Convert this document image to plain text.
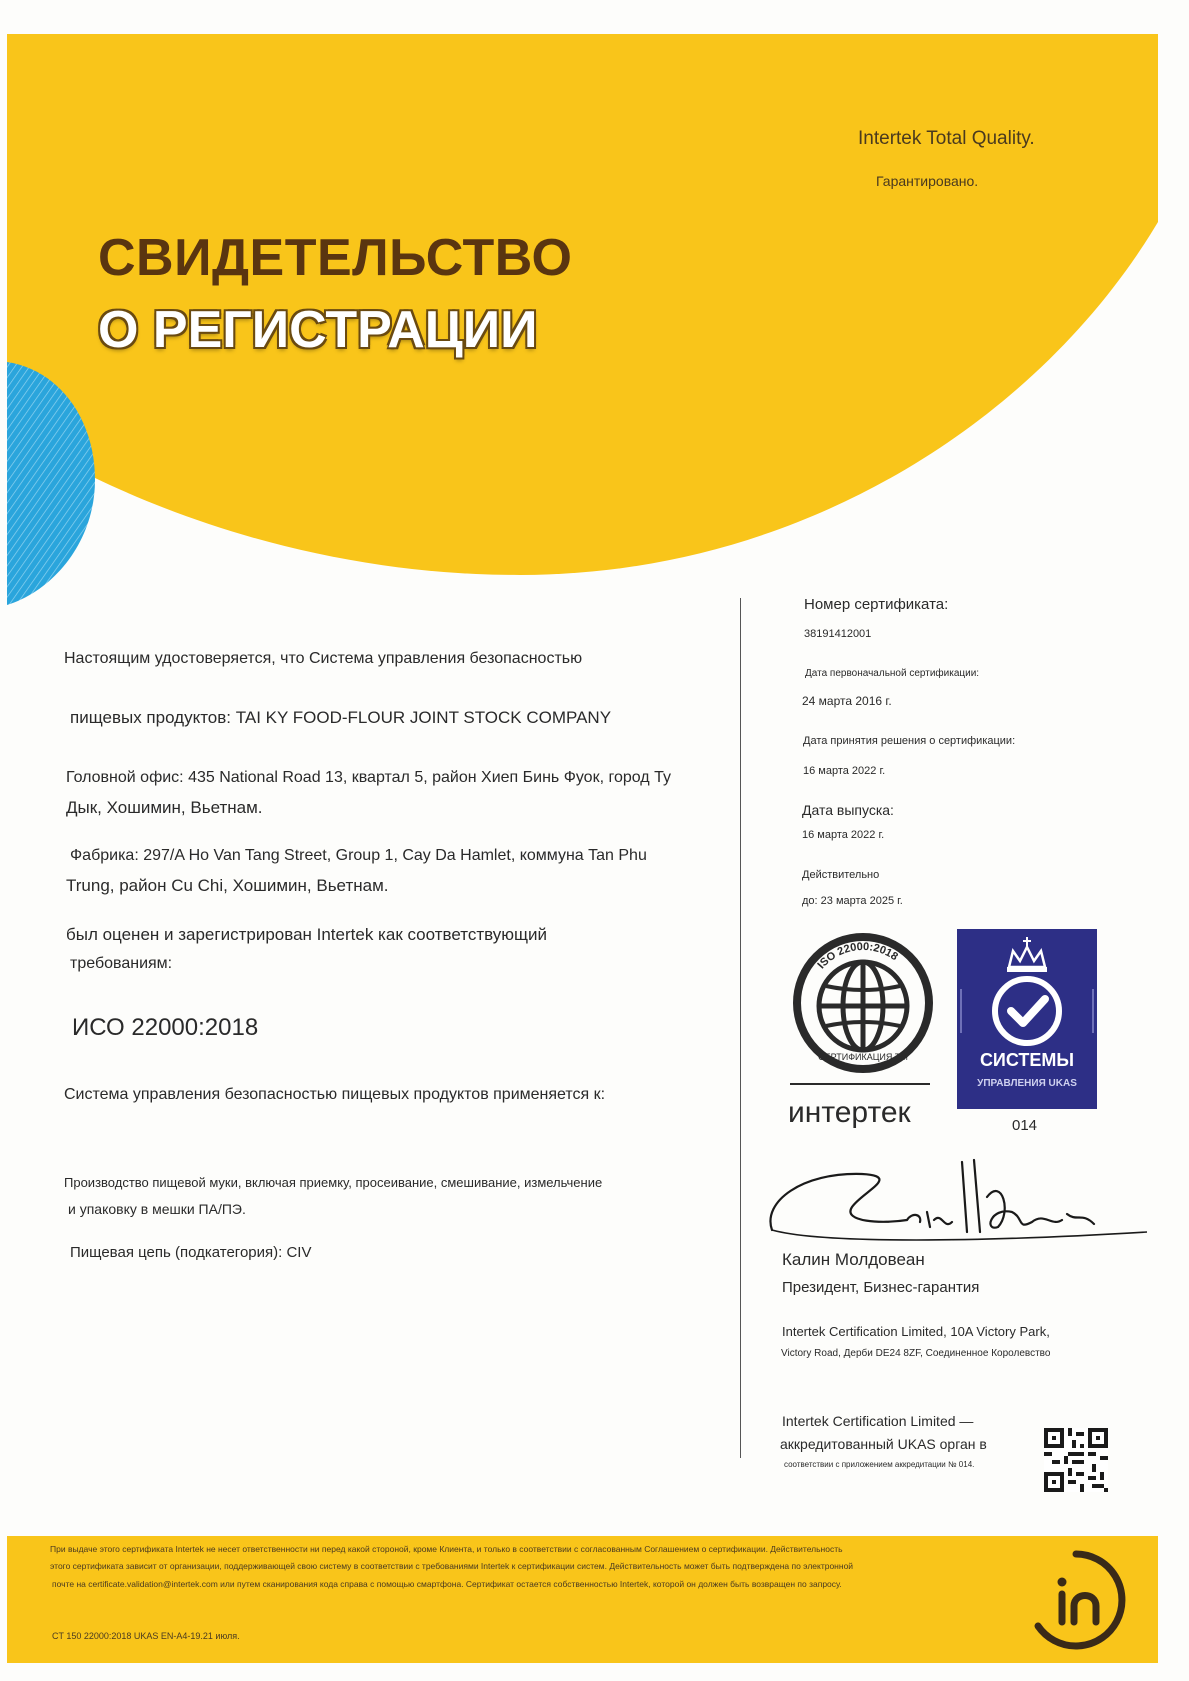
Intertek Total Quality.
Гарантировано.
СВИДЕТЕЛЬСТВО
О РЕГИСТРАЦИИ
Настоящим удостоверяется, что Система управления безопасностью
пищевых продуктов: TAI KY FOOD-FLOUR JOINT STOCK COMPANY
Головной офис: 435 National Road 13, квартал 5, район Хиеп Бинь Фуок, город Ту
Дык, Хошимин, Вьетнам.
Фабрика: 297/A Ho Van Tang Street, Group 1, Cay Da Hamlet, коммуна Tan Phu
Trung, район Cu Chi, Хошимин, Вьетнам.
был оценен и зарегистрирован Intertek как соответствующий
требованиям:
ИСО 22000:2018
Система управления безопасностью пищевых продуктов применяется к:
Производство пищевой муки, включая приемку, просеивание, смешивание, измельчение
и упаковку в мешки ПА/ПЭ.
Пищевая цепь (подкатегория): CIV
Номер сертификата:
38191412001
Дата первоначальной сертификации:
24 марта 2016 г.
Дата принятия решения о сертификации:
16 марта 2022 г.
Дата выпуска:
16 марта 2022 г.
Действительно
до: 23 марта 2025 г.
ISO 22000:2018
СЕРТИФИКАЦИЯ ТМ
интертек
СИСТЕМЫ
УПРАВЛЕНИЯ UKAS
014
Калин Молдовеан
Президент, Бизнес-гарантия
Intertek Certification Limited, 10A Victory Park,
Victory Road, Дерби DE24 8ZF, Соединенное Королевство
Intertek Certification Limited —
аккредитованный UKAS орган в
соответствии с приложением аккредитации № 014.
При выдаче этого сертификата Intertek не несет ответственности ни перед какой стороной, кроме Клиента, и только в соответствии с согласованным Соглашением о сертификации. Действительность
этого сертификата зависит от организации, поддерживающей свою систему в соответствии с требованиями Intertek к сертификации систем. Действительность может быть подтверждена по электронной
почте на certificate.validation@intertek.com или путем сканирования кода справа с помощью смартфона. Сертификат остается собственностью Intertek, которой он должен быть возвращен по запросу.
CT 150 22000:2018 UKAS EN-A4-19.21 июля.
